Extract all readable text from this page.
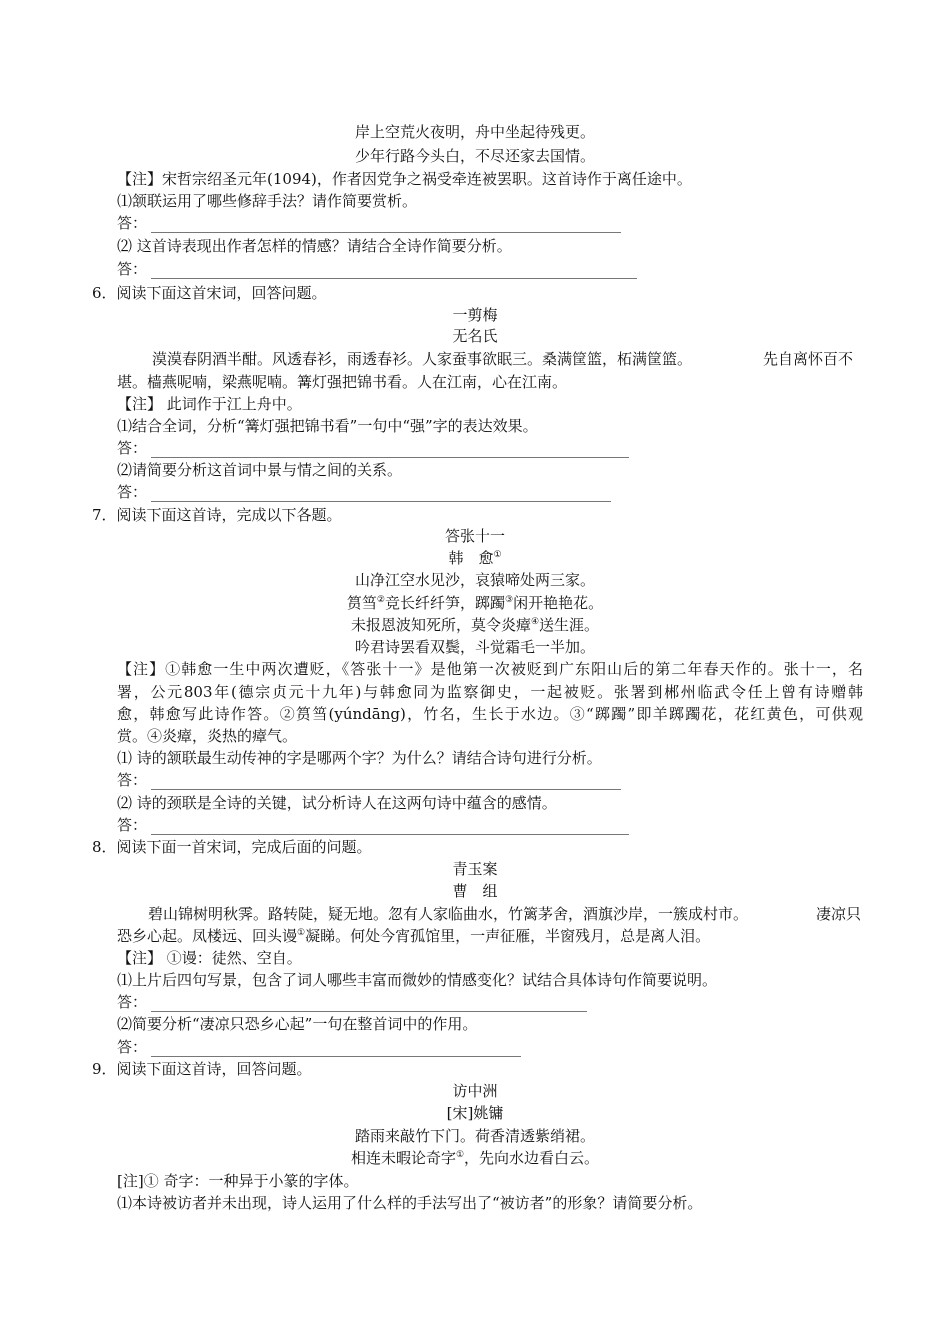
岸上空荒火夜明，舟中坐起待残更。
少年行路今头白，不尽还家去国情。
【注】宋哲宗绍圣元年(1094)，作者因党争之祸受牵连被罢职。这首诗作于离任途中。
⑴颔联运用了哪些修辞手法？请作简要赏析。
答：
⑵ 这首诗表现出作者怎样的情感？请结合全诗作简要分析。
答：
6．阅读下面这首宋词，回答问题。
一剪梅
无名氏
漠漠春阴酒半酣。风透春衫，雨透春衫。人家蚕事欲眠三。桑满筐篮，柘满筐篮。	先自离怀百不
堪。樯燕呢喃，梁燕呢喃。篝灯强把锦书看。人在江南，心在江南。
【注】 此词作于江上舟中。
⑴结合全词，分析“篝灯强把锦书看”一句中“强”字的表达效果。
答：
⑵请简要分析这首词中景与情之间的关系。
答：
7．阅读下面这首诗，完成以下各题。
答张十一
韩　愈①
山净江空水见沙，哀猿啼处两三家。
筼筜②竞长纤纤笋，踯躅③闲开艳艳花。
未报恩波知死所，莫令炎瘴④送生涯。
吟君诗罢看双鬓，斗觉霜毛一半加。
【注】①韩愈一生中两次遭贬，《答张十一》是他第一次被贬到广东阳山后的第二年春天作的。张十一，名
署，公元803年(德宗贞元十九年)与韩愈同为监察御史，一起被贬。张署到郴州临武令任上曾有诗赠韩
愈，韩愈写此诗作答。②筼筜(yúndāng)，竹名，生长于水边。③“踯躅”即羊踯躅花，花红黄色，可供观
赏。④炎瘴，炎热的瘴气。
⑴ 诗的颔联最生动传神的字是哪两个字？为什么？请结合诗句进行分析。
答：
⑵ 诗的颈联是全诗的关键，试分析诗人在这两句诗中蕴含的感情。
答：
8．阅读下面一首宋词，完成后面的问题。
青玉案
曹　组
碧山锦树明秋霁。路转陡，疑无地。忽有人家临曲水，竹篱茅舍，酒旗沙岸，一簇成村市。	凄凉只
恐乡心起。凤楼远、回头谩①凝睇。何处今宵孤馆里，一声征雁，半窗残月，总是离人泪。
【注】 ①谩：徒然、空自。
⑴上片后四句写景，包含了词人哪些丰富而微妙的情感变化？试结合具体诗句作简要说明。
答：
⑵简要分析“凄凉只恐乡心起”一句在整首词中的作用。
答：
9．阅读下面这首诗，回答问题。
访中洲
[宋]姚镛
踏雨来敲竹下门。荷香清透紫绡裙。
相连未暇论奇字①，先向水边看白云。
[注]① 奇字：一种异于小篆的字体。
⑴本诗被访者并未出现，诗人运用了什么样的手法写出了“被访者”的形象？请简要分析。
